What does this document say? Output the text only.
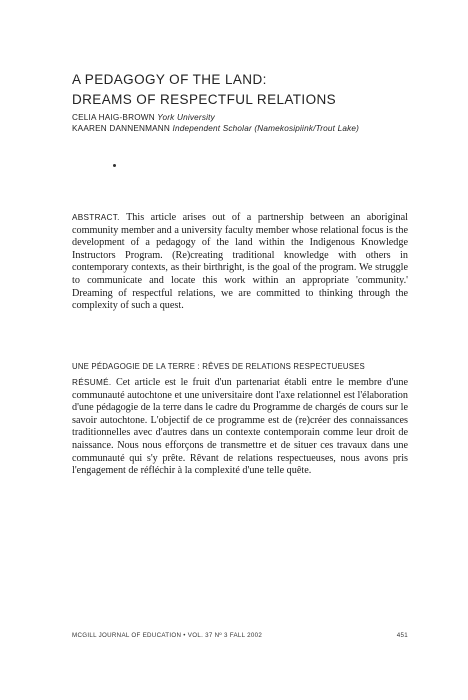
A PEDAGOGY OF THE LAND:
DREAMS OF RESPECTFUL RELATIONS
CELIA HAIG-BROWN York University
KAAREN DANNENMANN Independent Scholar (Namekosipiink/Trout Lake)
ABSTRACT. This article arises out of a partnership between an aboriginal community member and a university faculty member whose relational focus is the development of a pedagogy of the land within the Indigenous Knowledge Instructors Program. (Re)creating traditional knowledge with others in contemporary contexts, as their birthright, is the goal of the program. We struggle to communicate and locate this work within an appropriate 'community.' Dreaming of respectful relations, we are committed to thinking through the complexity of such a quest.
UNE PÉDAGOGIE DE LA TERRE : RÊVES DE RELATIONS RESPECTUEUSES
RÉSUMÉ. Cet article est le fruit d'un partenariat établi entre le membre d'une communauté autochtone et une universitaire dont l'axe relationnel est l'élaboration d'une pédagogie de la terre dans le cadre du Programme de chargés de cours sur le savoir autochtone. L'objectif de ce programme est de (re)créer des connaissances traditionnelles avec d'autres dans un contexte contemporain comme leur droit de naissance. Nous nous efforçons de transmettre et de situer ces travaux dans une communauté qui s'y prête. Rêvant de relations respectueuses, nous avons pris l'engagement de réfléchir à la complexité d'une telle quête.
MCGILL JOURNAL OF EDUCATION • VOL. 37 Nº 3 FALL 2002	451
